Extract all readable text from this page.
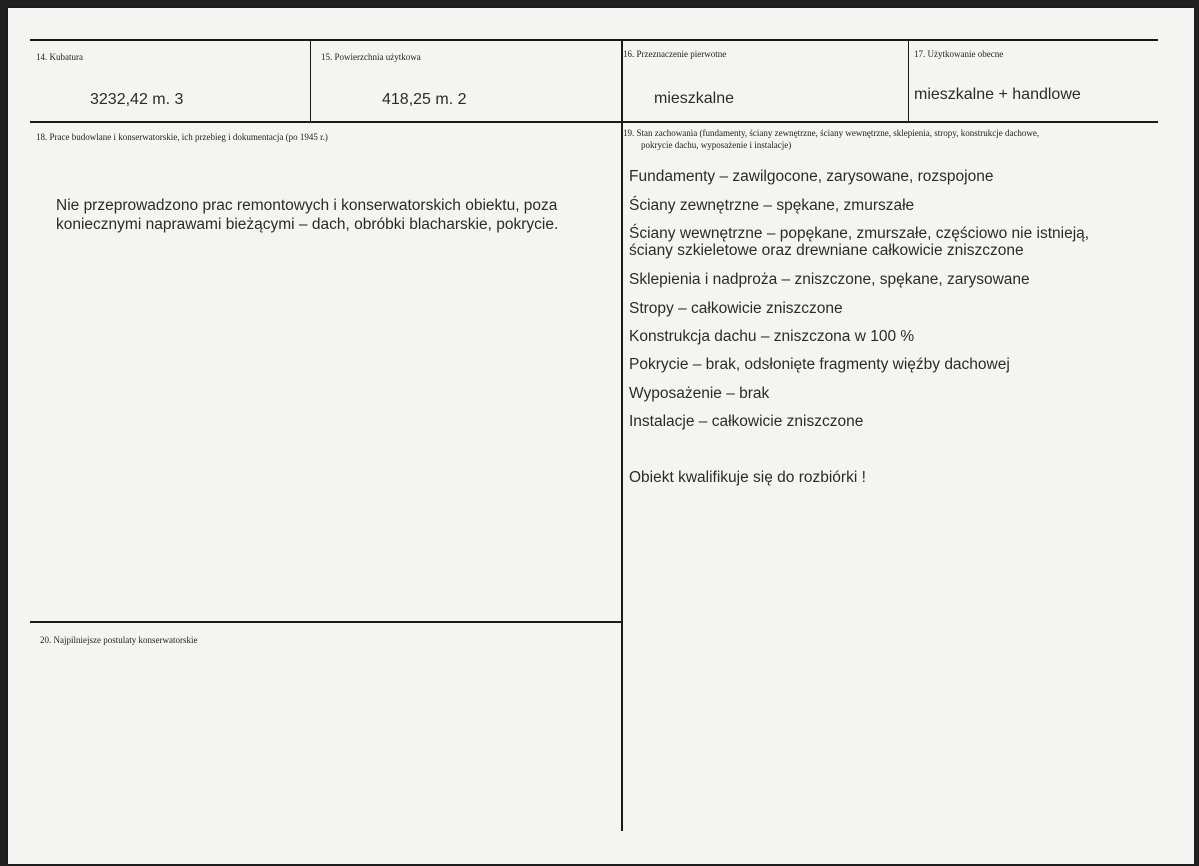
14. Kubatura
3232,42 m. 3
15. Powierzchnia użytkowa
418,25 m. 2
16. Przeznaczenie pierwotne
mieszkalne
17. Użytkowanie obecne
mieszkalne + handlowe
18. Prace budowlane i konserwatorskie, ich przebieg i dokumentacja (po 1945 r.)
Nie przeprowadzono prac remontowych i konserwatorskich obiektu, poza
koniecznymi naprawami bieżącymi – dach, obróbki blacharskie, pokrycie.
19. Stan zachowania (fundamenty, ściany zewnętrzne, ściany wewnętrzne, sklepienia, stropy, konstrukcje dachowe,
pokrycie dachu, wyposażenie i instalacje)
Fundamenty – zawilgocone, zarysowane, rozspojone
Ściany zewnętrzne – spękane, zmurszałe
Ściany wewnętrzne – popękane, zmurszałe, częściowo nie istnieją,
ściany szkieletowe oraz drewniane całkowicie zniszczone
Sklepienia i nadproża – zniszczone, spękane, zarysowane
Stropy – całkowicie zniszczone
Konstrukcja dachu – zniszczona w 100 %
Pokrycie – brak, odsłonięte fragmenty więźby dachowej
Wyposażenie – brak
Instalacje – całkowicie zniszczone
Obiekt kwalifikuje się do rozbiórki !
20. Najpilniejsze postulaty konserwatorskie
